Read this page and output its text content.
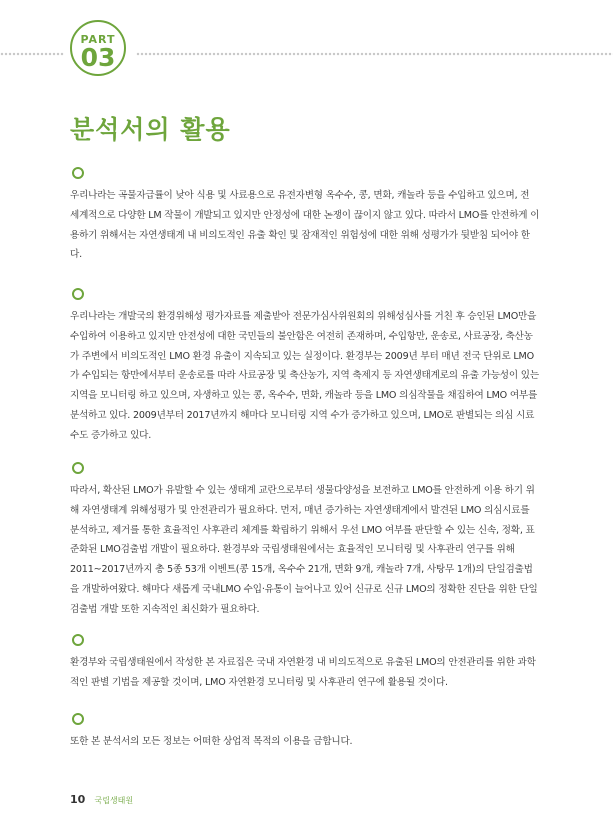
PART
03
분석서의 활용

우리나라는 곡물자급률이 낮아 식용 및 사료용으로 유전자변형 옥수수, 콩, 면화, 캐놀라 등을 수입하고 있으며, 전 세계적으로 다양한 LM 작물이 개발되고 있지만 안정성에 대한 논쟁이 끊이지 않고 있다. 따라서 LMO를 안전하게 이용하기 위해서는 자연생태계 내 비의도적인 유출 확인 및 잠재적인 위험성에 대한 위해 성평가가 뒷받침 되어야 한다.

우리나라는 개발국의 환경위해성 평가자료를 제출받아 전문가심사위원회의 위해성심사를 거친 후 승인된 LMO만을 수입하여 이용하고 있지만 안전성에 대한 국민들의 불안함은 여전히 존재하며, 수입항만, 운송로, 사료공장, 축산농가 주변에서 비의도적인 LMO 환경 유출이 지속되고 있는 실정이다. 환경부는 2009년 부터 매년 전국 단위로 LMO가 수입되는 항만에서부터 운송로를 따라 사료공장 및 축산농가, 지역 축제지 등 자연생태계로의 유출 가능성이 있는 지역을 모니터링 하고 있으며, 자생하고 있는 콩, 옥수수, 면화, 캐놀라 등을 LMO 의심작물을 채집하여 LMO 여부를 분석하고 있다. 2009년부터 2017년까지 해마다 모니터링 지역 수가 증가하고 있으며, LMO로 판별되는 의심 시료 수도 증가하고 있다.

따라서, 확산된 LMO가 유발할 수 있는 생태계 교란으로부터 생물다양성을 보전하고 LMO를 안전하게 이용 하기 위해 자연생태계 위해성평가 및 안전관리가 필요하다. 먼저, 매년 증가하는 자연생태계에서 발견된 LMO 의심시료를 분석하고, 제거를 통한 효율적인 사후관리 체계를 확립하기 위해서 우선 LMO 여부를 판단할 수 있는 신속, 정확, 표준화된 LMO검출법 개발이 필요하다. 환경부와 국립생태원에서는 효율적인 모니터링 및 사후관리 연구를 위해 2011~2017년까지 총 5종 53개 이벤트(콩 15개, 옥수수 21개, 면화 9개, 캐놀라 7개, 사탕무 1개)의 단일검출법을 개발하여왔다. 해마다 새롭게 국내LMO 수입·유통이 늘어나고 있어 신규로 신규 LMO의 정확한 진단을 위한 단일검출법 개발 또한 지속적인 최신화가 필요하다.

환경부와 국립생태원에서 작성한 본 자료집은 국내 자연환경 내 비의도적으로 유출된 LMO의 안전관리를 위한 과학적인 판별 기법을 제공할 것이며, LMO 자연환경 모니터링 및 사후관리 연구에 활용될 것이다.

또한 본 분석서의 모든 정보는 어떠한 상업적 목적의 이용을 금합니다.

10 국립생태원
